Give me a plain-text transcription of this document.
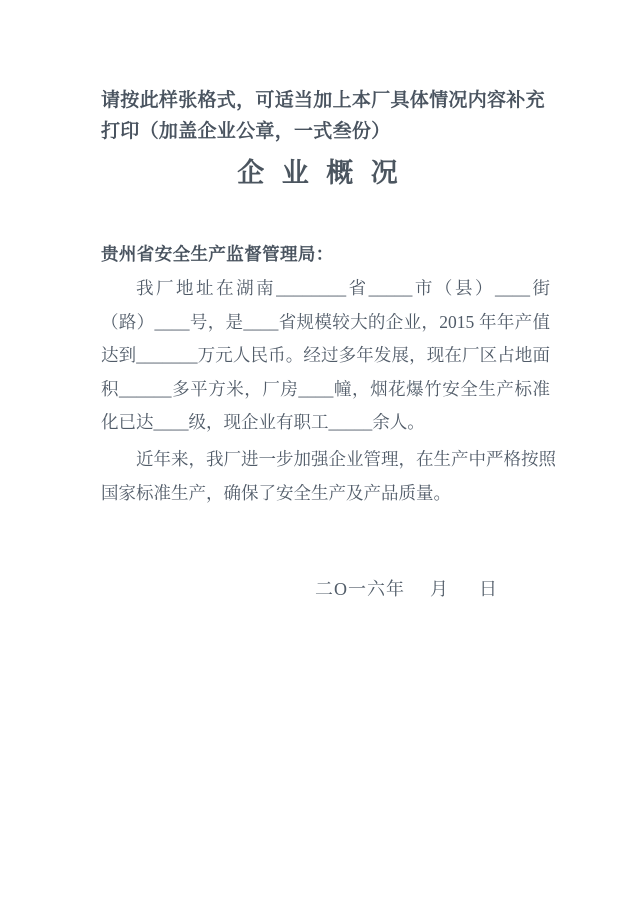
请按此样张格式，可适当加上本厂具体情况内容补充
打印（加盖企业公章，一式叁份）
企 业 概 况
贵州省安全生产监督管理局：
我厂地址在湖南________省_____市（县）____街
（路）____号，是____省规模较大的企业，2015 年年产值
达到_______万元人民币。经过多年发展，现在厂区占地面
积______多平方米，厂房____幢，烟花爆竹安全生产标准
化已达____级，现企业有职工_____余人。
近年来，我厂进一步加强企业管理，在生产中严格按照
国家标准生产，确保了安全生产及产品质量。
二О一六年 月 日
